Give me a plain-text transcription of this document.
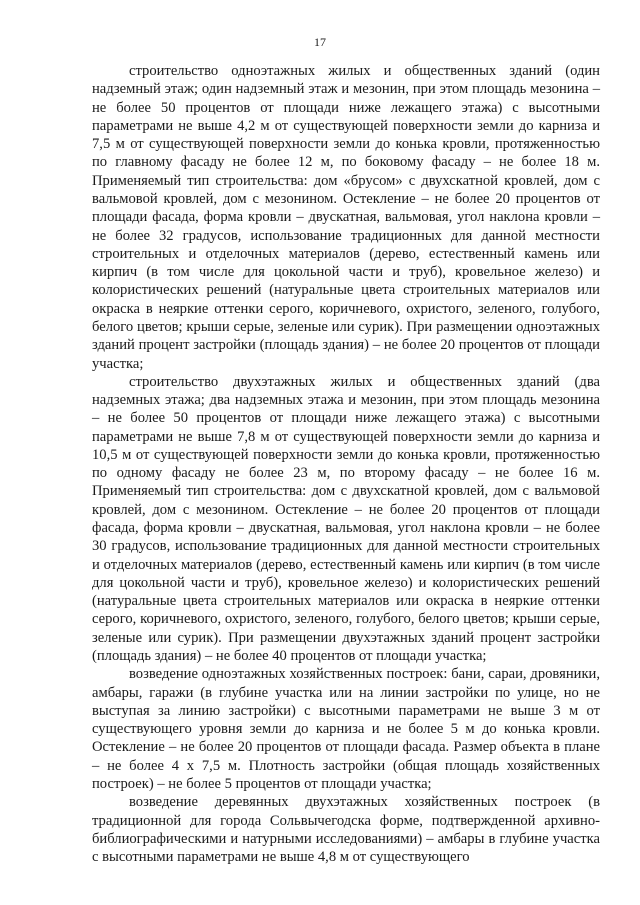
17

строительство одноэтажных жилых и общественных зданий (один надземный этаж; один надземный этаж и мезонин, при этом площадь мезонина – не более 50 процентов от площади ниже лежащего этажа) с высотными параметрами не выше 4,2 м от существующей поверхности земли до карниза и 7,5 м от существующей поверхности земли до конька кровли, протяженностью по главному фасаду не более 12 м, по боковому фасаду – не более 18 м. Применяемый тип строительства: дом «брусом» с двухскатной кровлей, дом с вальмовой кровлей, дом с мезонином. Остекление – не более 20 процентов от площади фасада, форма кровли – двускатная, вальмовая, угол наклона кровли – не более 32 градусов, использование традиционных для данной местности строительных и отделочных материалов (дерево, естественный камень или кирпич (в том числе для цокольной части и труб), кровельное железо) и колористических решений (натуральные цвета строительных материалов или окраска в неяркие оттенки серого, коричневого, охристого, зеленого, голубого, белого цветов; крыши серые, зеленые или сурик). При размещении одноэтажных зданий процент застройки (площадь здания) – не более 20 процентов от площади участка;

строительство двухэтажных жилых и общественных зданий (два надземных этажа; два надземных этажа и мезонин, при этом площадь мезонина – не более 50 процентов от площади ниже лежащего этажа) с высотными параметрами не выше 7,8 м от существующей поверхности земли до карниза и 10,5 м от существующей поверхности земли до конька кровли, протяженностью по одному фасаду не более 23 м, по второму фасаду – не более 16 м. Применяемый тип строительства: дом с двухскатной кровлей, дом с вальмовой кровлей, дом с мезонином. Остекление – не более 20 процентов от площади фасада, форма кровли – двускатная, вальмовая, угол наклона кровли – не более 30 градусов, использование традиционных для данной местности строительных и отделочных материалов (дерево, естественный камень или кирпич (в том числе для цокольной части и труб), кровельное железо) и колористических решений (натуральные цвета строительных материалов или окраска в неяркие оттенки серого, коричневого, охристого, зеленого, голубого, белого цветов; крыши серые, зеленые или сурик). При размещении двухэтажных зданий процент застройки (площадь здания) – не более 40 процентов от площади участка;

возведение одноэтажных хозяйственных построек: бани, сараи, дровяники, амбары, гаражи (в глубине участка или на линии застройки по улице, но не выступая за линию застройки) с высотными параметрами не выше 3 м от существующего уровня земли до карниза и не более 5 м до конька кровли. Остекление – не более 20 процентов от площади фасада. Размер объекта в плане – не более 4 х 7,5 м. Плотность застройки (общая площадь хозяйственных построек) – не более 5 процентов от площади участка;

возведение деревянных двухэтажных хозяйственных построек (в традиционной для города Сольвычегодска форме, подтвержденной архивно-библиографическими и натурными исследованиями) – амбары в глубине участка с высотными параметрами не выше 4,8 м от существующего
